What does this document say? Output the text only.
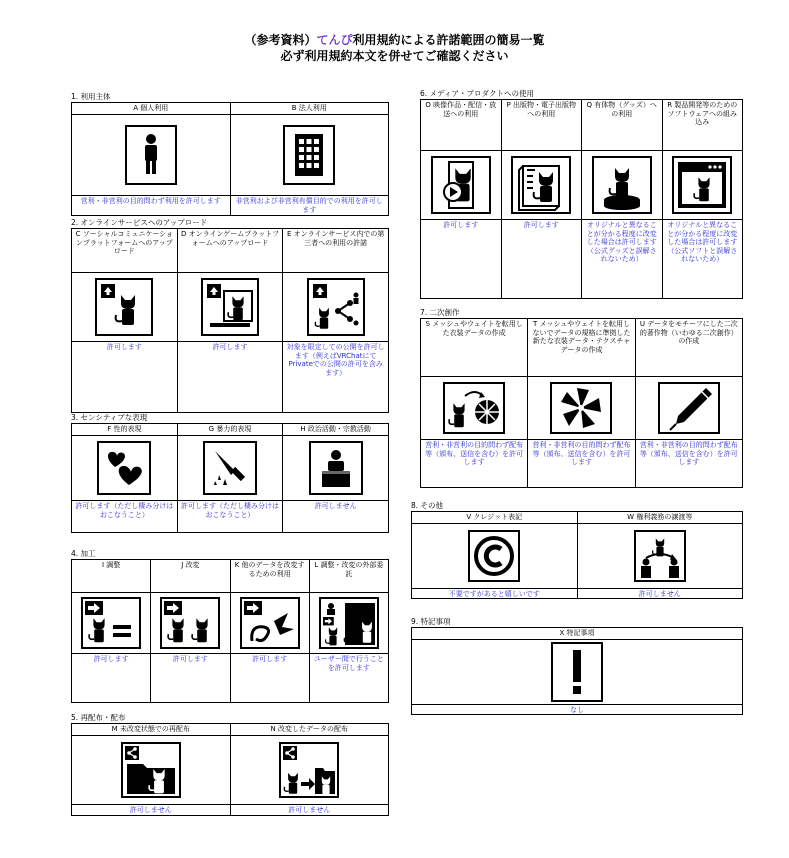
（参考資料）てんぴ利用規約による許諾範囲の簡易一覧
必ず利用規約本文を併せてご確認ください
1. 利用主体
A 個人利用
営利・非営利の目的問わず利用を許可します
B 法人利用
非営利および非営利有償目的での利用を許可します
2. オンラインサービスへのアップロード
C ソーシャルコミュニケーションプラットフォームへのアップロード
許可します
D オンラインゲームプラットフォームへのアップロード
許可します
E オンラインサービス内での第三者への利用の許諾
対象を限定しての公開を許可します（例えばVRChatにてPrivateでの公開の許可を含みます）
3. センシティブな表現
F 性的表現
許可します（ただし棲み分けはおこなうこと）
G 暴力的表現
許可します（ただし棲み分けはおこなうこと）
H 政治活動・宗教活動
許可しません
4. 加工
I 調整
許可します
J 改変
許可します
K 他のデータを改変するための利用
許可します
L 調整・改変の外部委託
ユーザー間で行うことを許可します
5. 再配布・配布
M 未改変状態での再配布
許可しません
N 改変したデータの配布
許可しません
6. メディア・プロダクトへの使用
O 映像作品・配信・放送への利用
許可します
P 出版物・電子出版物への利用
許可します
Q 有体物（グッズ）への利用
オリジナルと異なることが分かる程度に改変した場合は許可します（公式グッズと誤解されないため）
R 製品開発等のためのソフトウェアへの組み込み
オリジナルと異なることが分かる程度に改変した場合は許可します（公式ソフトと誤解されないため）
7. 二次創作
S メッシュやウェイトを転用した衣装データの作成
営利・非営利の目的問わず配布等（頒布、送信を含む）を許可します
T メッシュやウェイトを転用しないでデータの規格に準拠した新たな衣装データ・テクスチャデータの作成
営利・非営利の目的問わず配布等（頒布、送信を含む）を許可します
U データをモチーフにした二次的著作物（いわゆる二次創作）の作成
営利・非営利の目的問わず配布等（頒布、送信を含む）を許可します
8. その他
V クレジット表記
不要ですがあると嬉しいです
W 権利義務の譲渡等
許可しません
9. 特記事項
X 特記事項
なし
